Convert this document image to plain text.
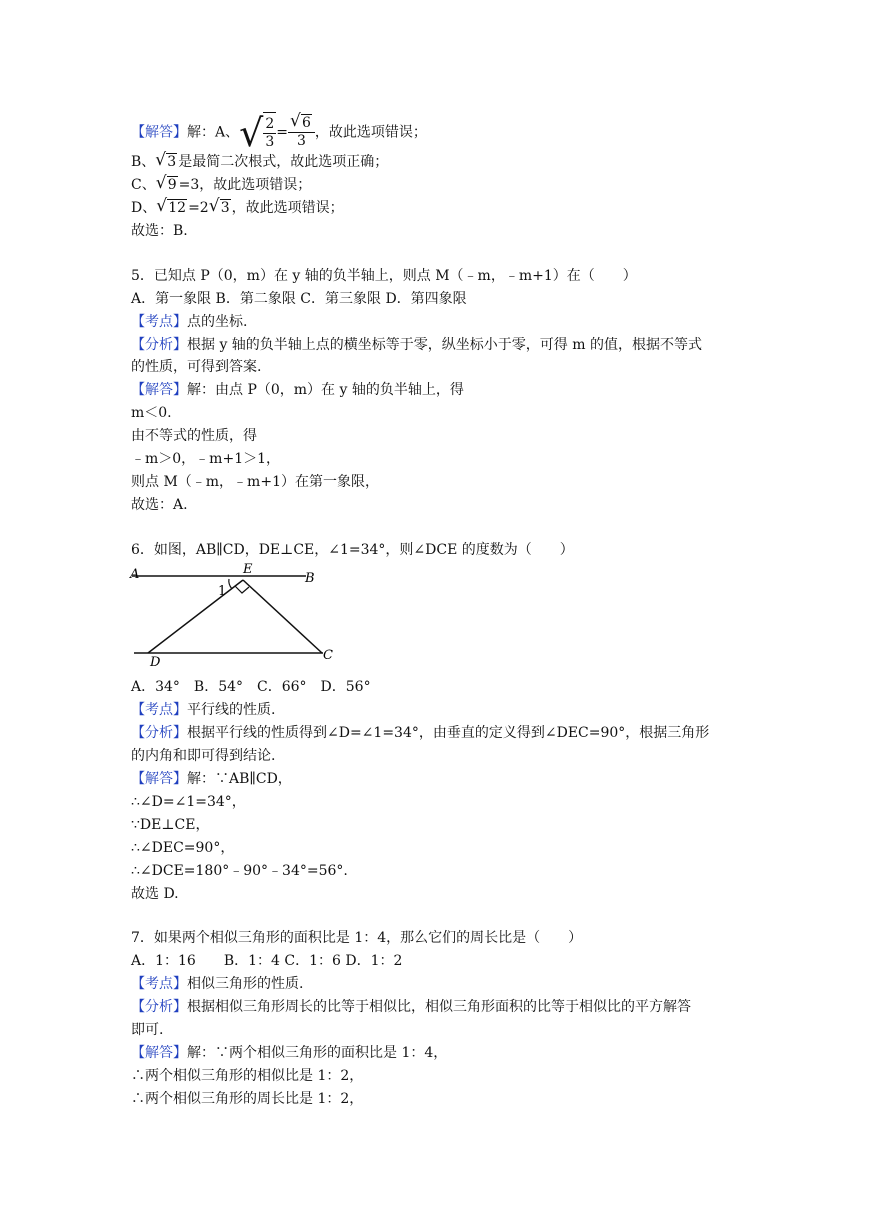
【解答】解：A、 √ $\frac{2}{3}$ = √ $\frac{6}{3}$ ，故此选项错误；
B、 √ 3 是最简二次根式，故此选项正确；
C、 √ 9 =3，故此选项错误；
D、 √ 12 =2 √ 3 ，故此选项错误；
故选：B.
5．已知点 P（0，m）在 y 轴的负半轴上，则点 M（﹣m，﹣m+1）在（　　）
A．第一象限 B．第二象限 C．第三象限 D．第四象限
【考点】点的坐标.
【分析】根据 y 轴的负半轴上点的横坐标等于零，纵坐标小于零，可得 m 的值，根据不等式
的性质，可得到答案.
【解答】解：由点 P（0，m）在 y 轴的负半轴上，得
m＜0.
由不等式的性质，得
﹣m＞0，﹣m+1＞1，
则点 M（﹣m，﹣m+1）在第一象限，
故选：A.
6．如图，AB∥CD，DE⊥CE，∠1=34°，则∠DCE 的度数为（　　）
A	B
E
1
D	C
A．34°　B．54°　C．66°　D．56°
【考点】平行线的性质.
【分析】根据平行线的性质得到∠D=∠1=34°，由垂直的定义得到∠DEC=90°，根据三角形
的内角和即可得到结论.
【解答】解：∵AB∥CD，
∴∠D=∠1=34°，
∵DE⊥CE，
∴∠DEC=90°，
∴∠DCE=180°﹣90°﹣34°=56°.
故选 D.
7．如果两个相似三角形的面积比是 1：4，那么它们的周长比是（　　）
A．1：16　　B．1：4 C．1：6 D．1：2
【考点】相似三角形的性质.
【分析】根据相似三角形周长的比等于相似比，相似三角形面积的比等于相似比的平方解答
即可.
【解答】解：∵两个相似三角形的面积比是 1：4，
∴两个相似三角形的相似比是 1：2，
∴两个相似三角形的周长比是 1：2，
